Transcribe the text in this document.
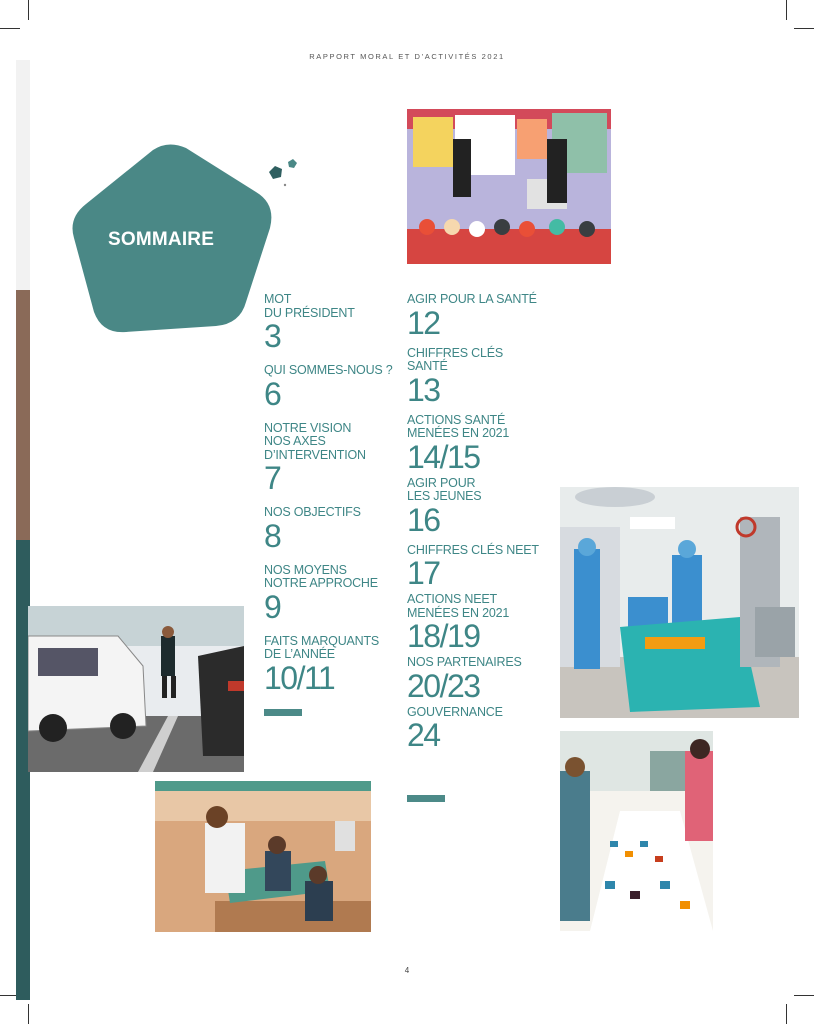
RAPPORT MORAL ET D’ACTIVITÉS 2021
SOMMAIRE
MOT
DU PRÉSIDENT
3
QUI SOMMES-NOUS ?
6
NOTRE VISION
NOS AXES
D’INTERVENTION
7
NOS OBJECTIFS
8
NOS MOYENS
NOTRE APPROCHE
9
FAITS MARQUANTS
DE L’ANNÉE
10/11
AGIR POUR LA SANTÉ
12
CHIFFRES CLÉS
SANTÉ
13
ACTIONS SANTÉ
MENÉES EN 2021
14/15
AGIR POUR
LES JEUNES
16
CHIFFRES CLÉS NEET
17
ACTIONS NEET
MENÉES EN 2021
18/19
NOS PARTENAIRES
20/23
GOUVERNANCE
24
4
